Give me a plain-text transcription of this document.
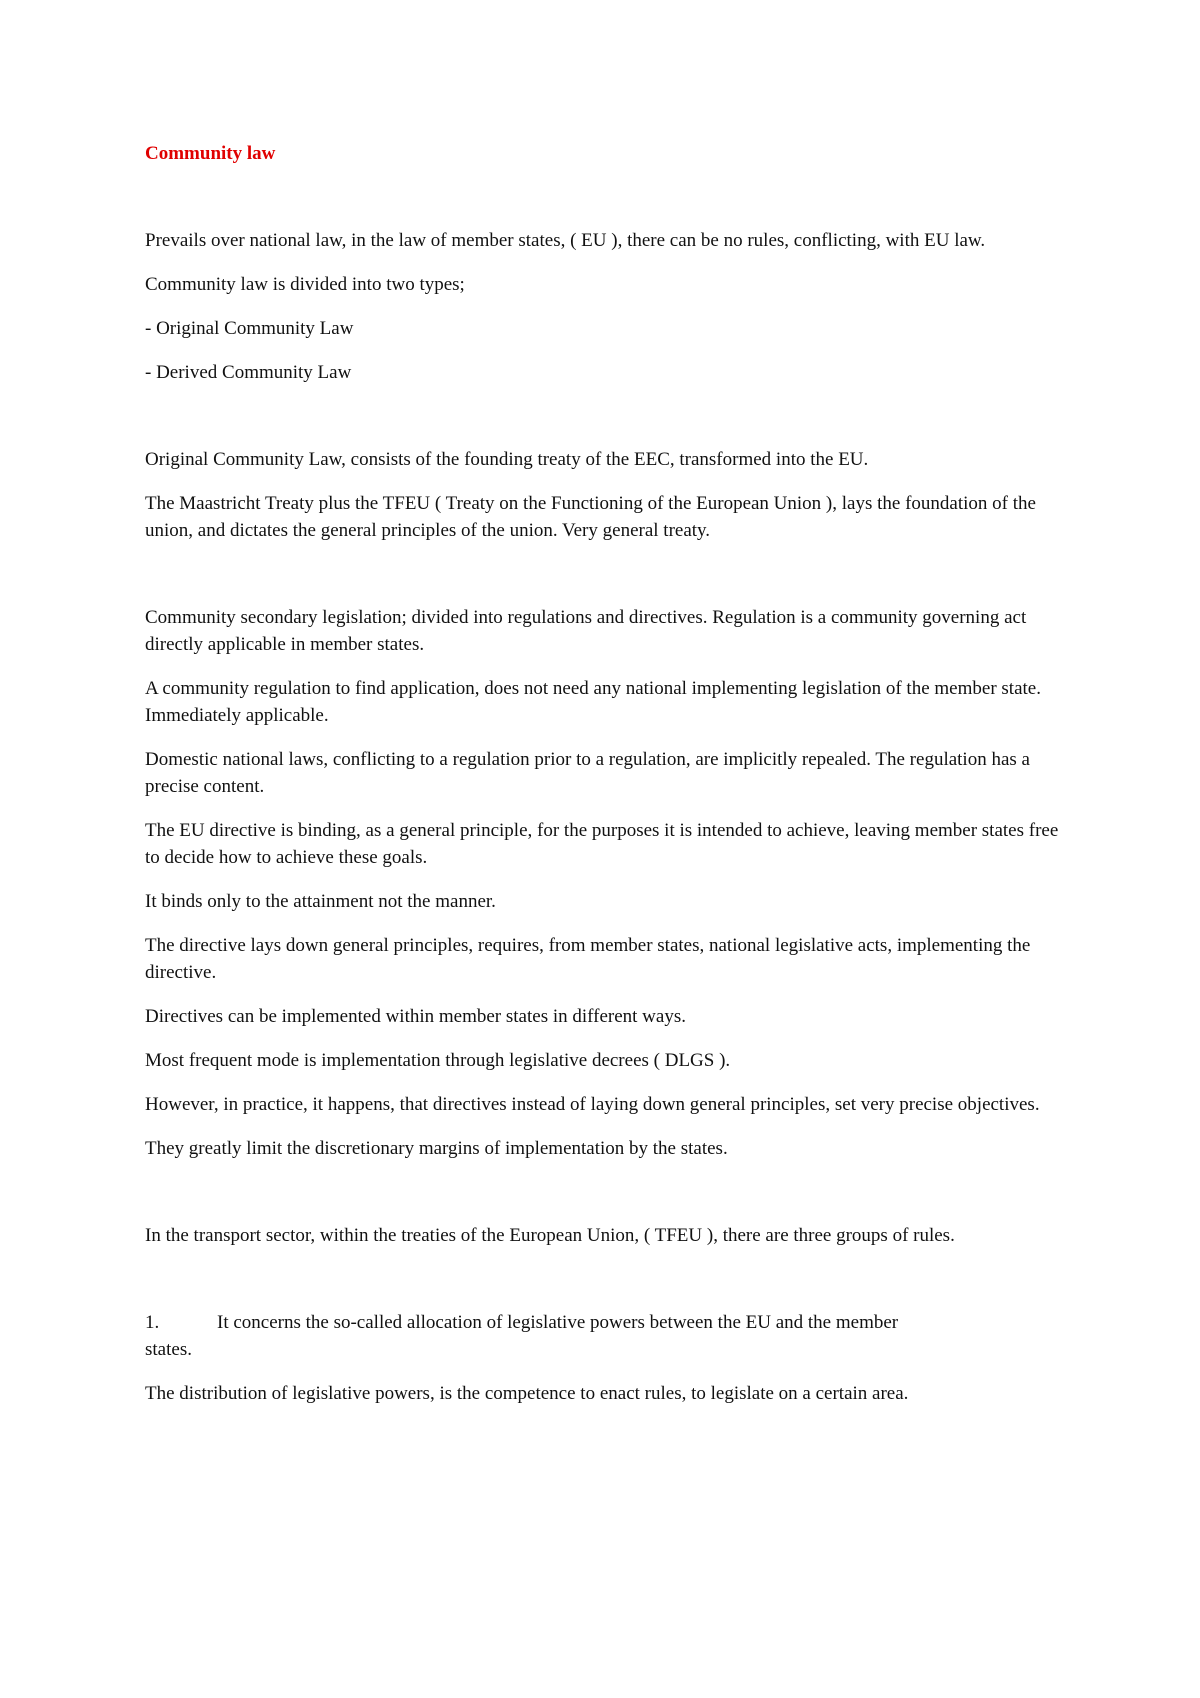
Community law

Prevails over national law, in the law of member states, ( EU ), there can be no rules, conflicting, with EU law.

Community law is divided into two types;

- Original Community Law

- Derived Community Law

Original Community Law, consists of the founding treaty of the EEC, transformed into the EU.

The Maastricht Treaty plus the TFEU ( Treaty on the Functioning of the European Union ), lays the foundation of the union, and dictates the general principles of the union. Very general treaty.

Community secondary legislation; divided into regulations and directives. Regulation is a community governing act directly applicable in member states.

A community regulation to find application, does not need any national implementing legislation of the member state. Immediately applicable.

Domestic national laws, conflicting to a regulation prior to a regulation, are implicitly repealed. The regulation has a precise content.

The EU directive is binding, as a general principle, for the purposes it is intended to achieve, leaving member states free to decide how to achieve these goals.

It binds only to the attainment not the manner.

The directive lays down general principles, requires, from member states, national legislative acts, implementing the directive.

Directives can be implemented within member states in different ways.

Most frequent mode is implementation through legislative decrees ( DLGS ).

However, in practice, it happens, that directives instead of laying down general principles, set very precise objectives.

They greatly limit the discretionary margins of implementation by the states.

In the transport sector, within the treaties of the European Union, ( TFEU ), there are three groups of rules.

1.	It concerns the so-called allocation of legislative powers between the EU and the member
states.

The distribution of legislative powers, is the competence to enact rules, to legislate on a certain area.
